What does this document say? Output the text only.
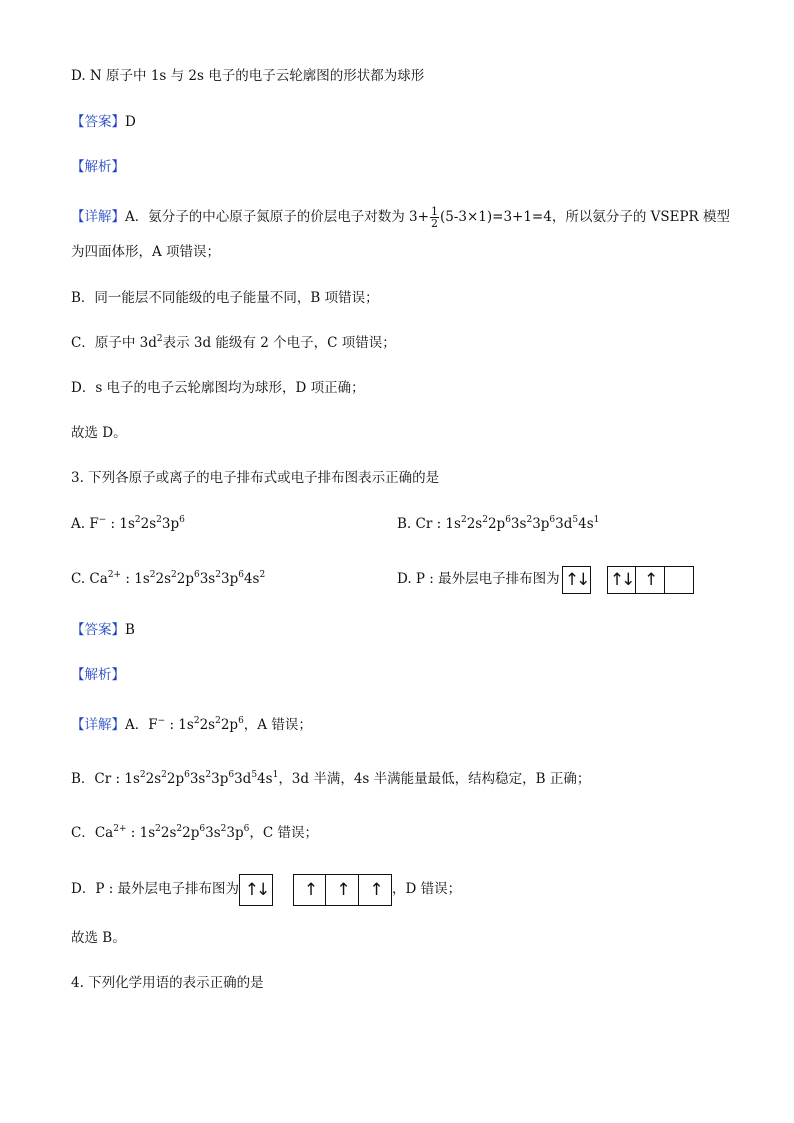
D. N 原子中 1s 与 2s 电子的电子云轮廓图的形状都为球形
【答案】D
【解析】
【详解】A．氨分子的中心原子氮原子的价层电子对数为 $3+ \frac{1}{2} (5-3\times 1)=3+1=4$，所以氨分子的 VSEPR 模型
为四面体形，A 项错误；
B．同一能层不同能级的电子能量不同，B 项错误；
C．原子中 $3d^2$表示 3d 能级有 2 个电子，C 项错误；
D．s 电子的电子云轮廓图均为球形，D 项正确；
故选 D。
3. 下列各原子或离子的电子排布式或电子排布图表示正确的是
A. F− : $1s^22s^23p^6$	B. Cr : $1s^22s^22p^63s^23p^63d^54s^1$
C. $Ca^{2+}$ : $1s^22s^22p^63s^23p^64s^2$	D. P : 最外层电子排布图为 ↑↓ ↑↓ ↑
【答案】B
【解析】
【详解】A．F− : $1s^22s^22p^6$，A 错误；
B．Cr : $1s^22s^22p^63s^23p^63d^54s^1$，3d 半满，4s 半满能量最低，结构稳定，B 正确；
C．$Ca^{2+}$ : $1s^22s^22p^63s^23p^6$，C 错误；
D．P : 最外层电子排布图为 ↑↓	↑	↑	↑ ，D 错误；
故选 B。
4. 下列化学用语的表示正确的是
